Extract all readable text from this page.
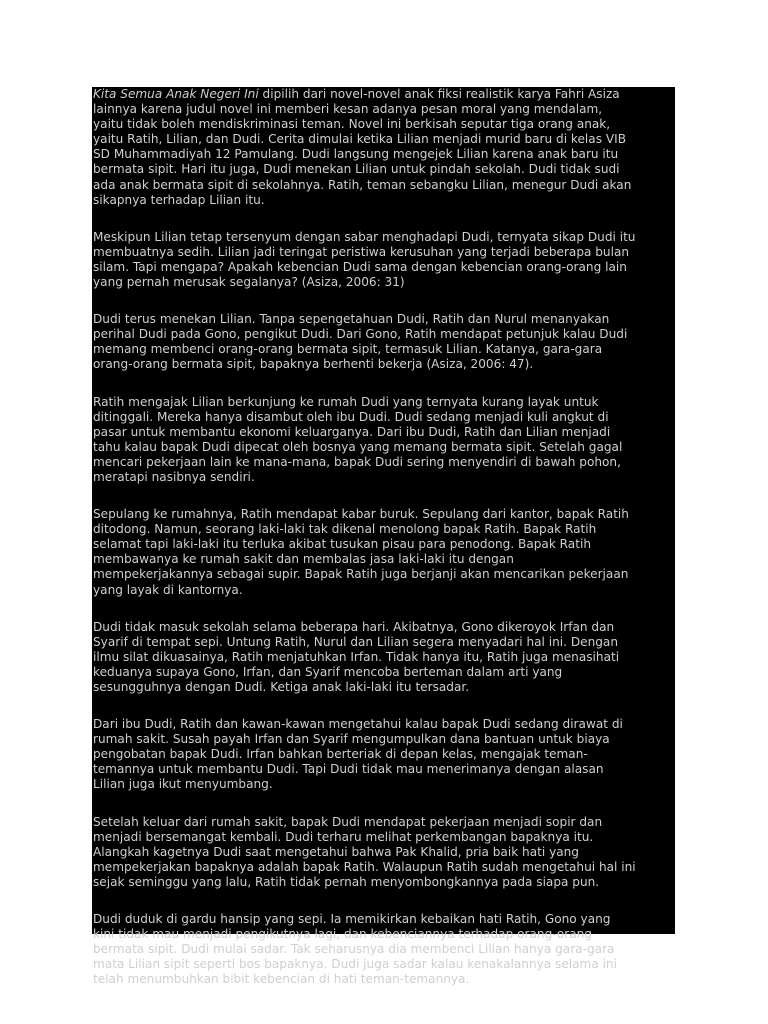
Kita Semua Anak Negeri Ini dipilih dari novel-novel anak fiksi realistik karya Fahri Asiza
lainnya karena judul novel ini memberi kesan adanya pesan moral yang mendalam,
yaitu tidak boleh mendiskriminasi teman. Novel ini berkisah seputar tiga orang anak,
yaitu Ratih, Lilian, dan Dudi. Cerita dimulai ketika Lilian menjadi murid baru di kelas VIB
SD Muhammadiyah 12 Pamulang. Dudi langsung mengejek Lilian karena anak baru itu
bermata sipit. Hari itu juga, Dudi menekan Lilian untuk pindah sekolah. Dudi tidak sudi
ada anak bermata sipit di sekolahnya. Ratih, teman sebangku Lilian, menegur Dudi akan
sikapnya terhadap Lilian itu.

Meskipun Lilian tetap tersenyum dengan sabar menghadapi Dudi, ternyata sikap Dudi itu
membuatnya sedih. Lilian jadi teringat peristiwa kerusuhan yang terjadi beberapa bulan
silam. Tapi mengapa? Apakah kebencian Dudi sama dengan kebencian orang-orang lain
yang pernah merusak segalanya? (Asiza, 2006: 31)

Dudi terus menekan Lilian. Tanpa sepengetahuan Dudi, Ratih dan Nurul menanyakan
perihal Dudi pada Gono, pengikut Dudi. Dari Gono, Ratih mendapat petunjuk kalau Dudi
memang membenci orang-orang bermata sipit, termasuk Lilian. Katanya, gara-gara
orang-orang bermata sipit, bapaknya berhenti bekerja (Asiza, 2006: 47).

Ratih mengajak Lilian berkunjung ke rumah Dudi yang ternyata kurang layak untuk
ditinggali. Mereka hanya disambut oleh ibu Dudi. Dudi sedang menjadi kuli angkut di
pasar untuk membantu ekonomi keluarganya. Dari ibu Dudi, Ratih dan Lilian menjadi
tahu kalau bapak Dudi dipecat oleh bosnya yang memang bermata sipit. Setelah gagal
mencari pekerjaan lain ke mana-mana, bapak Dudi sering menyendiri di bawah pohon,
meratapi nasibnya sendiri.

Sepulang ke rumahnya, Ratih mendapat kabar buruk. Sepulang dari kantor, bapak Ratih
ditodong. Namun, seorang laki-laki tak dikenal menolong bapak Ratih. Bapak Ratih
selamat tapi laki-laki itu terluka akibat tusukan pisau para penodong. Bapak Ratih
membawanya ke rumah sakit dan membalas jasa laki-laki itu dengan
mempekerjakannya sebagai supir. Bapak Ratih juga berjanji akan mencarikan pekerjaan
yang layak di kantornya.

Dudi tidak masuk sekolah selama beberapa hari. Akibatnya, Gono dikeroyok Irfan dan
Syarif di tempat sepi. Untung Ratih, Nurul dan Lilian segera menyadari hal ini. Dengan
ilmu silat dikuasainya, Ratih menjatuhkan Irfan. Tidak hanya itu, Ratih juga menasihati
keduanya supaya Gono, Irfan, dan Syarif mencoba berteman dalam arti yang
sesungguhnya dengan Dudi. Ketiga anak laki-laki itu tersadar.

Dari ibu Dudi, Ratih dan kawan-kawan mengetahui kalau bapak Dudi sedang dirawat di
rumah sakit. Susah payah Irfan dan Syarif mengumpulkan dana bantuan untuk biaya
pengobatan bapak Dudi. Irfan bahkan berteriak di depan kelas, mengajak teman-
temannya untuk membantu Dudi. Tapi Dudi tidak mau menerimanya dengan alasan
Lilian juga ikut menyumbang.

Setelah keluar dari rumah sakit, bapak Dudi mendapat pekerjaan menjadi sopir dan
menjadi bersemangat kembali. Dudi terharu melihat perkembangan bapaknya itu.
Alangkah kagetnya Dudi saat mengetahui bahwa Pak Khalid, pria baik hati yang
mempekerjakan bapaknya adalah bapak Ratih. Walaupun Ratih sudah mengetahui hal ini
sejak seminggu yang lalu, Ratih tidak pernah menyombongkannya pada siapa pun.

Dudi duduk di gardu hansip yang sepi. Ia memikirkan kebaikan hati Ratih, Gono yang
kini tidak mau menjadi pengikutnya lagi, dan kebenciannya terhadap orang-orang
bermata sipit. Dudi mulai sadar. Tak seharusnya dia membenci Lilian hanya gara-gara
mata Lilian sipit seperti bos bapaknya. Dudi juga sadar kalau kenakalannya selama ini
telah menumbuhkan bibit kebencian di hati teman-temannya.
